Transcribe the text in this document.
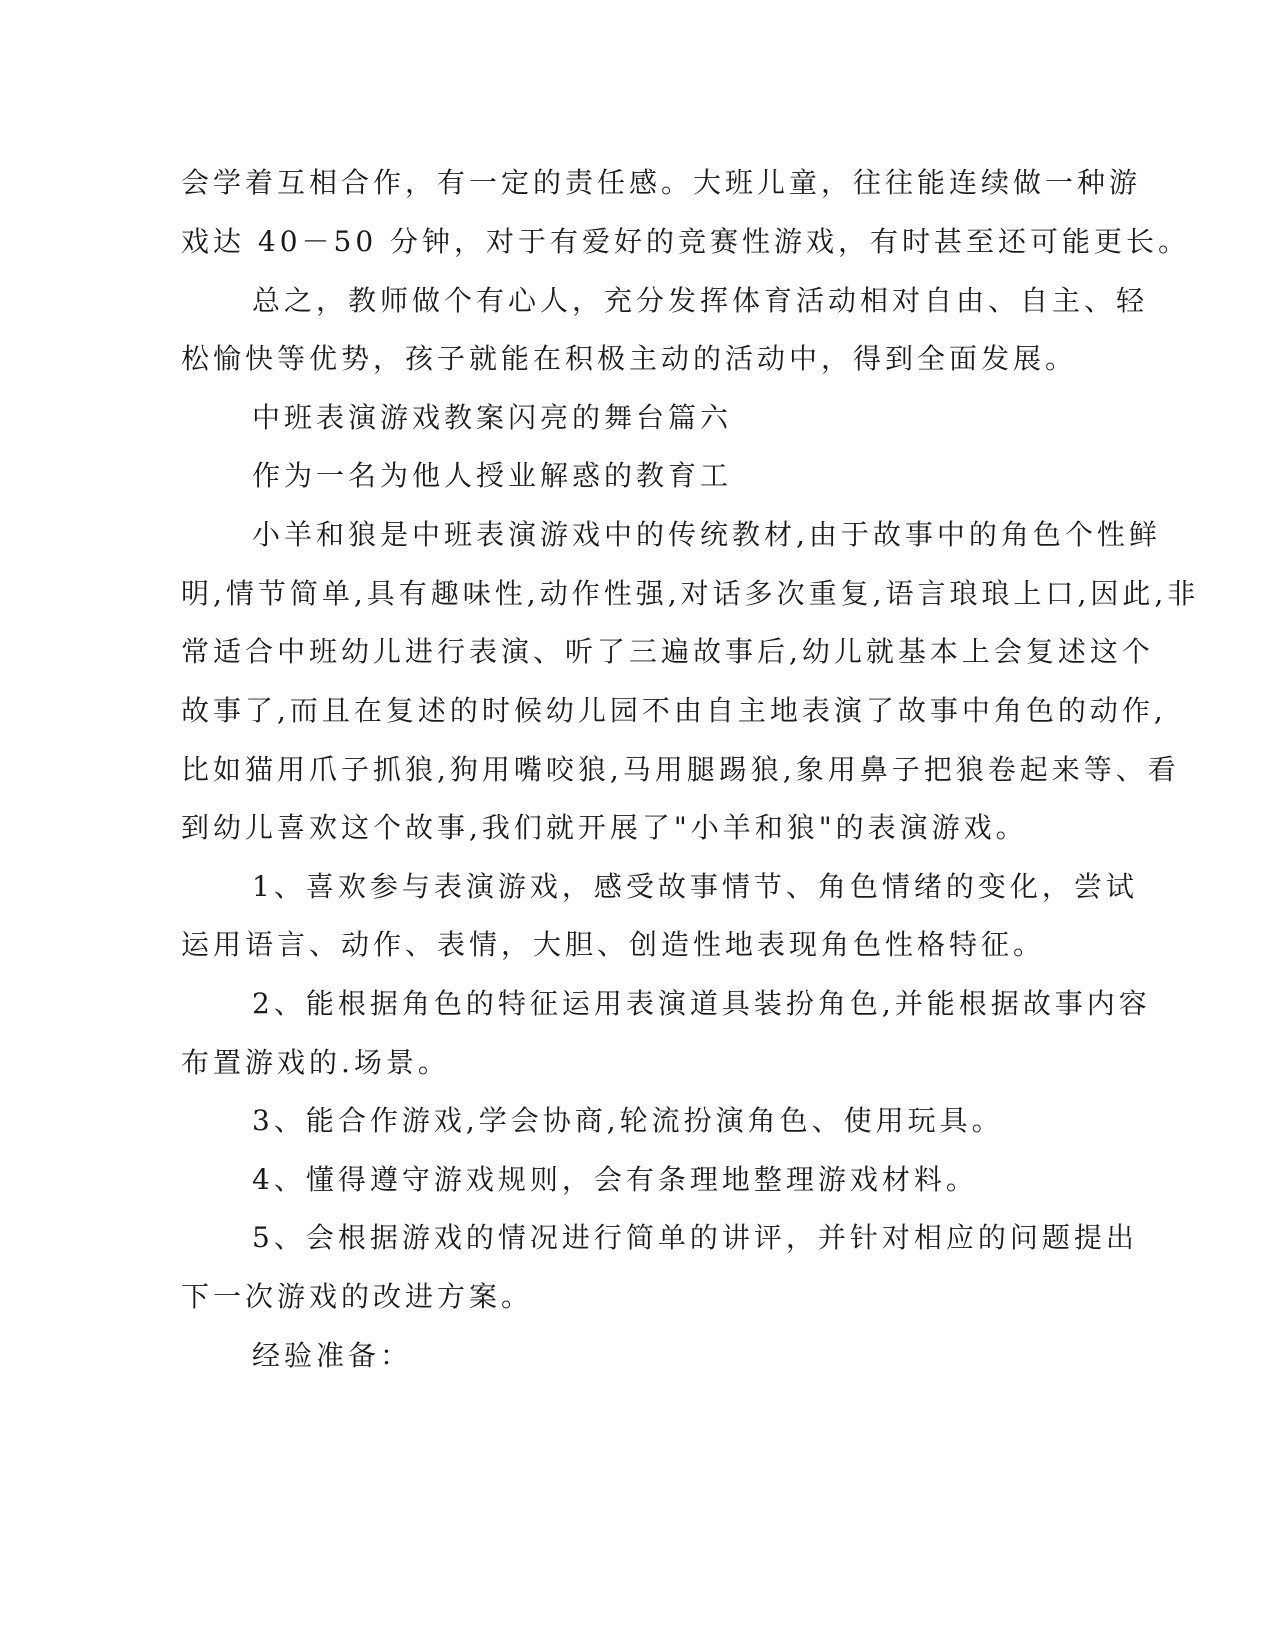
会学着互相合作，有一定的责任感。大班儿童，往往能连续做一种游
戏达 40－50 分钟，对于有爱好的竞赛性游戏，有时甚至还可能更长。
总之，教师做个有心人，充分发挥体育活动相对自由、自主、轻
松愉快等优势，孩子就能在积极主动的活动中，得到全面发展。
中班表演游戏教案闪亮的舞台篇六
作为一名为他人授业解惑的教育工
小羊和狼是中班表演游戏中的传统教材,由于故事中的角色个性鲜
明,情节简单,具有趣味性,动作性强,对话多次重复,语言琅琅上口,因此,非
常适合中班幼儿进行表演、听了三遍故事后,幼儿就基本上会复述这个
故事了,而且在复述的时候幼儿园不由自主地表演了故事中角色的动作,
比如猫用爪子抓狼,狗用嘴咬狼,马用腿踢狼,象用鼻子把狼卷起来等、看
到幼儿喜欢这个故事,我们就开展了"小羊和狼"的表演游戏。
1、喜欢参与表演游戏，感受故事情节、角色情绪的变化，尝试
运用语言、动作、表情，大胆、创造性地表现角色性格特征。
2、能根据角色的特征运用表演道具装扮角色,并能根据故事内容
布置游戏的.场景。
3、能合作游戏,学会协商,轮流扮演角色、使用玩具。
4、懂得遵守游戏规则，会有条理地整理游戏材料。
5、会根据游戏的情况进行简单的讲评，并针对相应的问题提出
下一次游戏的改进方案。
经验准备：
